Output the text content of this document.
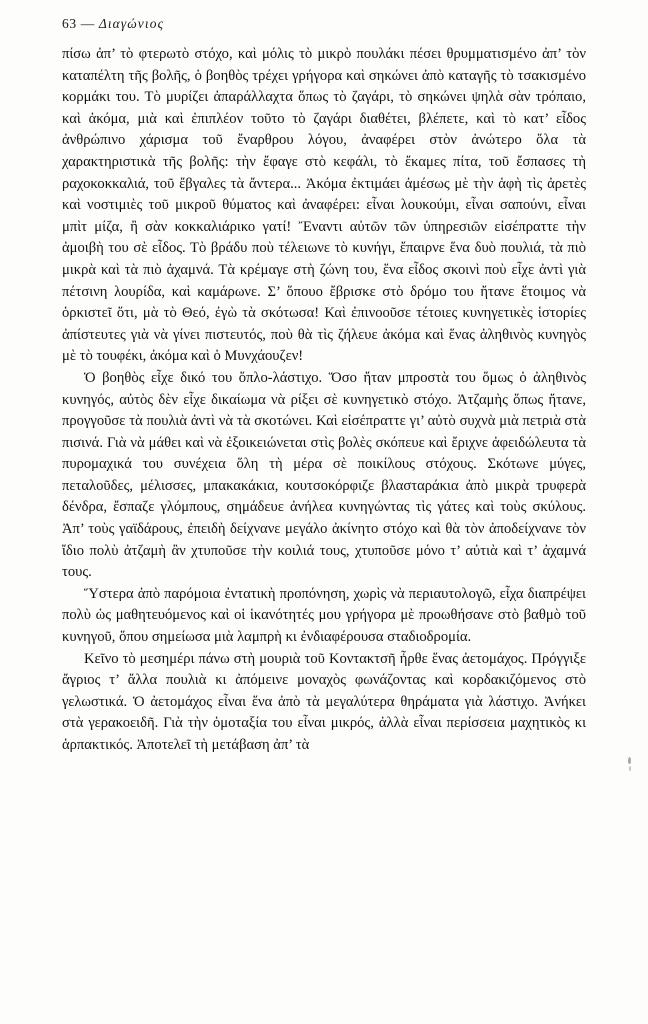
63 — Διαγώνιος

πίσω ἀπ’ τὸ φτερωτὸ στόχο, καὶ μόλις τὸ μικρὸ πουλάκι πέσει θρυμματισμένο ἀπ’ τὸν καταπέλτη τῆς βολῆς, ὁ βοηθὸς τρέχει γρήγορα καὶ σηκώνει ἀπὸ καταγῆς τὸ τσακισμένο κορμάκι του. Τὸ μυρίζει ἀπαράλλαχτα ὅπως τὸ ζαγάρι, τὸ σηκώνει ψηλὰ σὰν τρόπαιο, καὶ ἀκόμα, μιὰ καὶ ἐπιπλέον τοῦτο τὸ ζαγάρι διαθέτει, βλέπετε, καὶ τὸ κατ’ εἶδος ἀνθρώπινο χάρισμα τοῦ ἔναρθρου λόγου, ἀναφέρει στὸν ἀνώτερο ὅλα τὰ χαρακτηριστικὰ τῆς βολῆς: τὴν ἔφαγε στὸ κεφάλι, τὸ ἔκαμες πίτα, τοῦ ἔσπασες τὴ ραχοκοκκαλιά, τοῦ ἔβγαλες τὰ ἄντερα... Ἀκόμα ἐκτιμάει ἀμέσως μὲ τὴν ἁφὴ τὶς ἀρετὲς καὶ νοστιμιὲς τοῦ μικροῦ θύματος καὶ ἀναφέρει: εἶναι λουκούμι, εἶναι σαπούνι, εἶναι μπὶτ μίζα, ἢ σὰν κοκκαλιάρικο γατί! Ἔναντι αὐτῶν τῶν ὑπηρεσιῶν εἰσέπραττε τὴν ἀμοιβὴ του σὲ εἶδος. Τὸ βράδυ ποὺ τέλειωνε τὸ κυνήγι, ἔπαιρνε ἕνα δυὸ πουλιά, τὰ πιὸ μικρὰ καὶ τὰ πιὸ ἀχαμνά. Τὰ κρέμαγε στὴ ζώνη του, ἕνα εἶδος σκοινὶ ποὺ εἶχε ἀντὶ γιὰ πέτσινη λουρίδα, καὶ καμάρωνε. Σ’ ὅπουο ἔβρισκε στὸ δρόμο του ἤτανε ἕτοιμος νὰ ὁρκιστεῖ ὅτι, μὰ τὸ Θεό, ἐγὼ τὰ σκότωσα! Καὶ ἐπινοοῦσε τέτοιες κυνηγετικὲς ἱστορίες ἀπίστευτες γιὰ νὰ γίνει πιστευτός, ποὺ θὰ τὶς ζήλευε ἀκόμα καὶ ἕνας ἀληθινὸς κυνηγὸς μὲ τὸ τουφέκι, ἀκόμα καὶ ὁ Μυνχάουζεν!

Ὁ βοηθὸς εἶχε δικό του ὅπλο-λάστιχο. Ὅσο ἤταν μπροστὰ του ὅμως ὁ ἀληθινὸς κυνηγός, αὐτὸς δὲν εἶχε δικαίωμα νὰ ρίξει σὲ κυνηγετικὸ στόχο. Ἀτζαμὴς ὅπως ἤτανε, προγγοῦσε τὰ πουλιὰ ἀντὶ νὰ τὰ σκοτώνει. Καὶ εἰσέπραττε γι’ αὐτὸ συχνὰ μιὰ πετριὰ στὰ πισινά. Γιὰ νὰ μάθει καὶ νὰ ἐξοικειώνεται στὶς βολὲς σκόπευε καὶ ἔριχνε ἀφειδώλευτα τὰ πυρομαχικά του συνέχεια ὅλη τὴ μέρα σὲ ποικίλους στόχους. Σκότωνε μύγες, πεταλοῦδες, μέλισσες, μπακακάκια, κουτσοκόρφιζε βλασταράκια ἀπὸ μικρὰ τρυφερὰ δένδρα, ἔσπαζε γλόμπους, σημάδευε ἀνήλεα κυνηγώντας τὶς γάτες καὶ τοὺς σκύλους. Ἀπ’ τοὺς γαϊδάρους, ἐπειδὴ δείχνανε μεγάλο ἀκίνητο στόχο καὶ θὰ τὸν ἀποδείχνανε τὸν ἴδιο πολὺ ἀτζαμὴ ἂν χτυποῦσε τὴν κοιλιά τους, χτυποῦσε μόνο τ’ αὐτιὰ καὶ τ’ ἀχαμνά τους.

Ὕστερα ἀπὸ παρόμοια ἐντατικὴ προπόνηση, χωρὶς νὰ περιαυτολογῶ, εἶχα διαπρέψει πολὺ ὡς μαθητευόμενος καὶ οἱ ἱκανότητές μου γρήγορα μὲ προωθήσανε στὸ βαθμὸ τοῦ κυνηγοῦ, ὅπου σημείωσα μιὰ λαμπρὴ κι ἐνδιαφέρουσα σταδιοδρομία.

Κεῖνο τὸ μεσημέρι πάνω στὴ μουριὰ τοῦ Κοντακτσῆ ἦρθε ἕνας ἀετομάχος. Πρόγγιξε ἄγριος τ’ ἄλλα πουλιὰ κι ἀπόμεινε μοναχὸς φωνάζοντας καὶ κορδακιζόμενος στὸ γελωστικά. Ὁ ἀετομάχος εἶναι ἕνα ἀπὸ τὰ μεγαλύτερα θηράματα γιὰ λάστιχο. Ἀνήκει στὰ γερακοειδῆ. Γιὰ τὴν ὁμοταξία του εἶναι μικρός, ἀλλὰ εἶναι περίσσεια μαχητικὸς κι ἁρπακτικός. Ἀποτελεῖ τὴ μετάβαση ἀπ’ τὰ
